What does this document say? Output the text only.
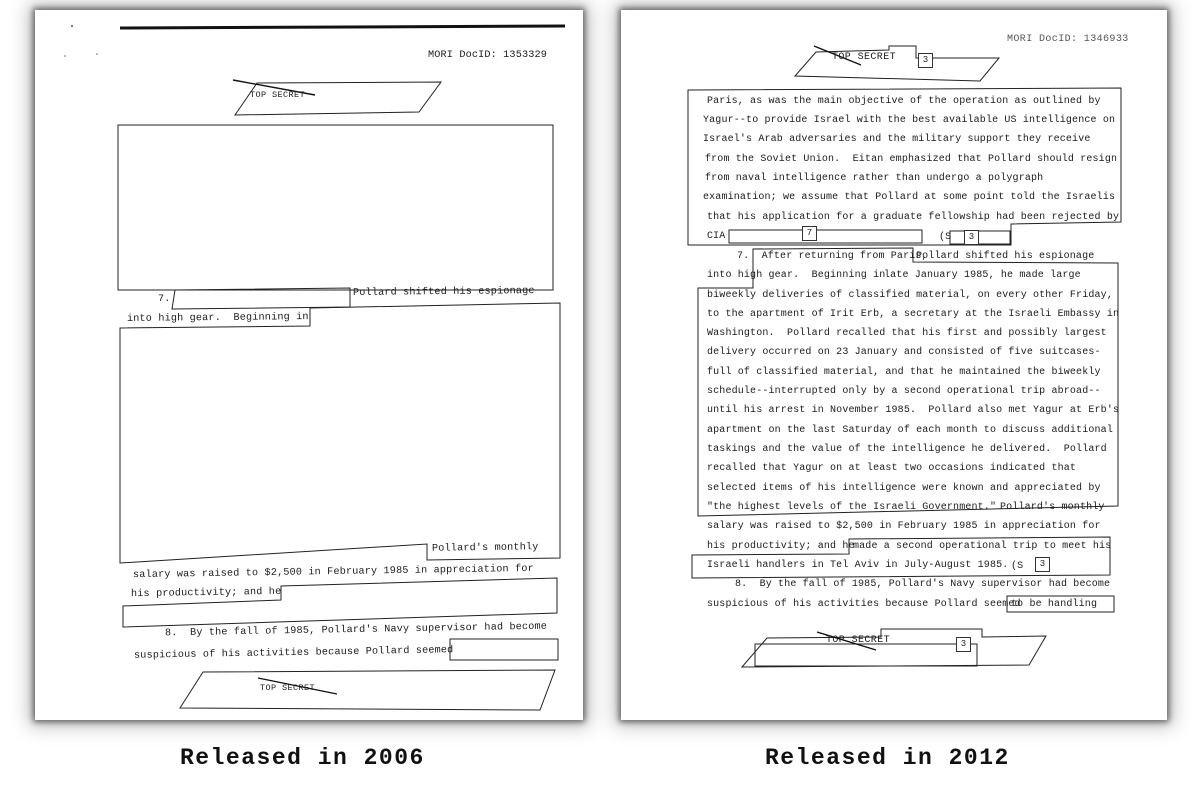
MORI DocID: 1353329
TOP SECRET
7.
Pollard shifted his espionage
into high gear.  Beginning in
Pollard's monthly
salary was raised to $2,500 in February 1985 in appreciation for
his productivity; and he
8.  By the fall of 1985, Pollard's Navy supervisor had become
suspicious of his activities because Pollard seemed
TOP SECRET
MORI DocID: 1346933
TOP SECRET	3
Paris, as was the main objective of the operation as outlined by
Yagur--to provide Israel with the best available US intelligence on
Israel's Arab adversaries and the military support they receive
from the Soviet Union.  Eitan emphasized that Pollard should resign
from naval intelligence rather than undergo a polygraph
examination; we assume that Pollard at some point told the Israelis
that his application for a graduate fellowship had been rejected by
CIA	7	(S	3
7.  After returning from Paris,
Pollard shifted his espionage
into high gear.  Beginning in
late January 1985, he made large
biweekly deliveries of classified material, on every other Friday,
to the apartment of Irit Erb, a secretary at the Israeli Embassy in
Washington.  Pollard recalled that his first and possibly largest
delivery occurred on 23 January and consisted of five suitcases-
full of classified material, and that he maintained the biweekly
schedule--interrupted only by a second operational trip abroad--
until his arrest in November 1985.  Pollard also met Yagur at Erb's
apartment on the last Saturday of each month to discuss additional
taskings and the value of the intelligence he delivered.  Pollard
recalled that Yagur on at least two occasions indicated that
selected items of his intelligence were known and appreciated by
"the highest levels of the Israeli Government." Pollard's monthly
salary was raised to $2,500 in February 1985 in appreciation for
his productivity; and he
made a second operational trip to meet his
Israeli handlers in Tel Aviv in July-August 1985. (S	3
8.  By the fall of 1985, Pollard's Navy supervisor had become
suspicious of his activities because Pollard seemed
to be handling
TOP SECRET	3
Released in 2006	Released in 2012
